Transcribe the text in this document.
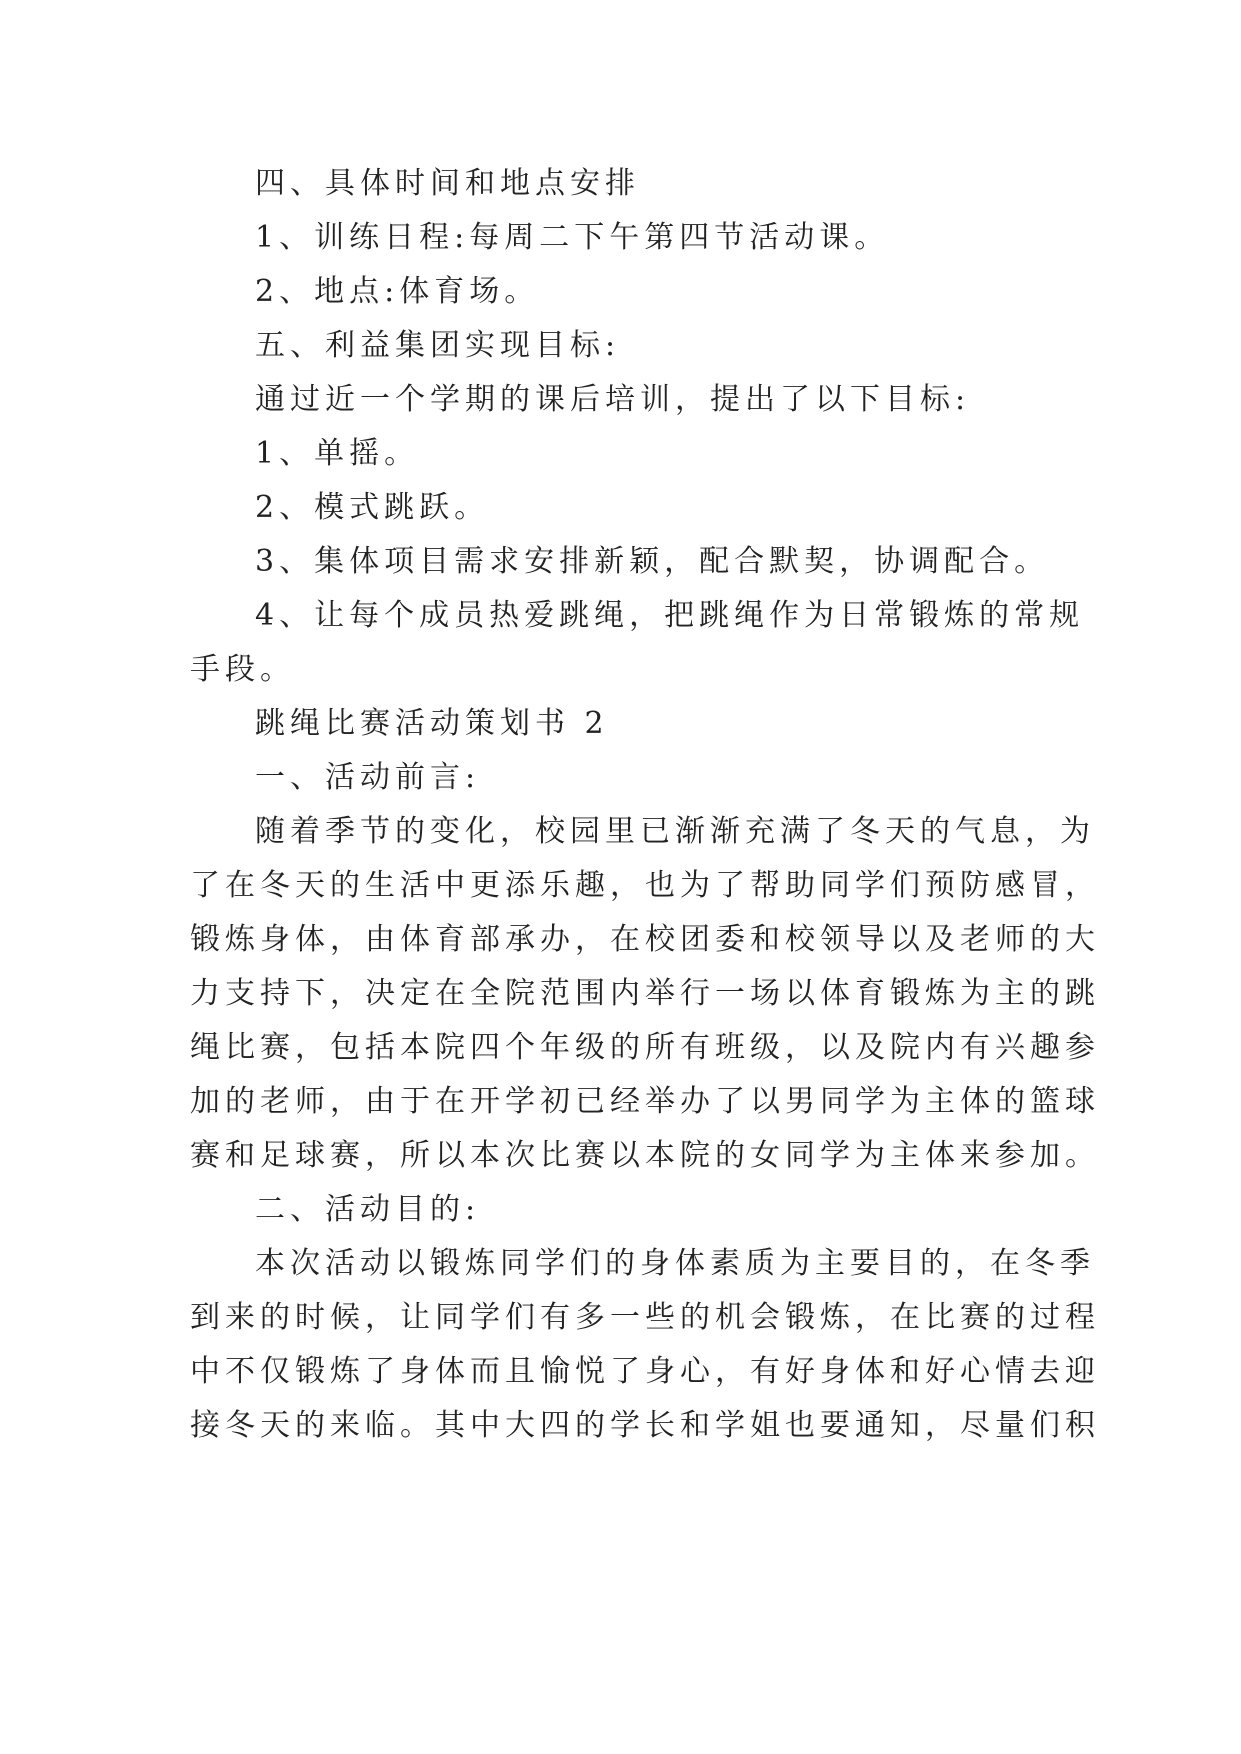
四、具体时间和地点安排
1、训练日程:每周二下午第四节活动课。
2、地点:体育场。
五、利益集团实现目标:
通过近一个学期的课后培训，提出了以下目标:
1、单摇。
2、模式跳跃。
3、集体项目需求安排新颖，配合默契，协调配合。
4、让每个成员热爱跳绳，把跳绳作为日常锻炼的常规
手段。
跳绳比赛活动策划书 2
一、活动前言:
随着季节的变化，校园里已渐渐充满了冬天的气息，为
了在冬天的生活中更添乐趣，也为了帮助同学们预防感冒，
锻炼身体，由体育部承办，在校团委和校领导以及老师的大
力支持下，决定在全院范围内举行一场以体育锻炼为主的跳
绳比赛，包括本院四个年级的所有班级，以及院内有兴趣参
加的老师，由于在开学初已经举办了以男同学为主体的篮球
赛和足球赛，所以本次比赛以本院的女同学为主体来参加。
二、活动目的:
本次活动以锻炼同学们的身体素质为主要目的，在冬季
到来的时候，让同学们有多一些的机会锻炼，在比赛的过程
中不仅锻炼了身体而且愉悦了身心，有好身体和好心情去迎
接冬天的来临。其中大四的学长和学姐也要通知，尽量们积
